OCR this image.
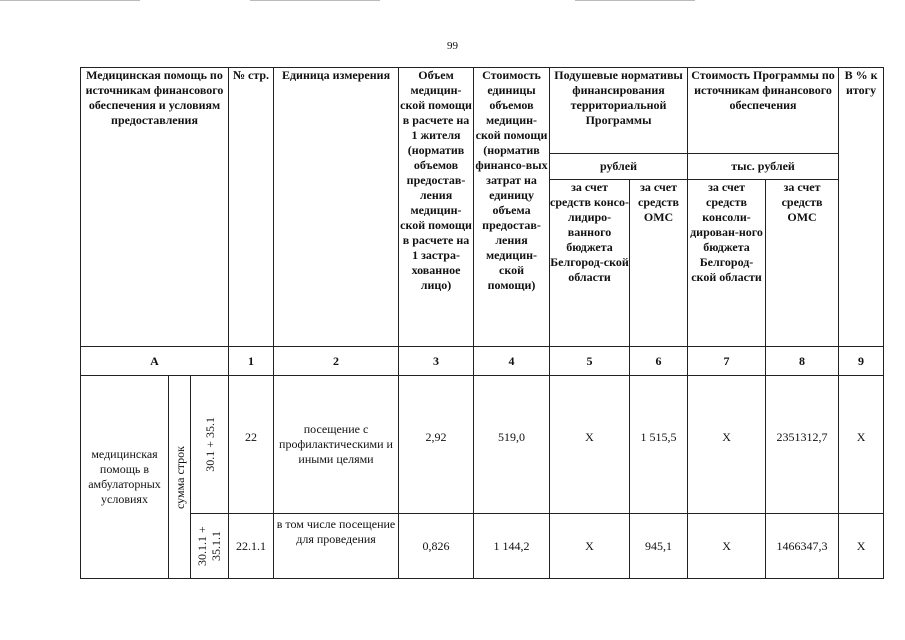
99
Медицинская помощь по источникам финансового обеспечения и условиям предоставления			№ стр.	Единица измерения	Объем медицин-ской помощи в расчете на 1 жителя (норматив объемов предостав-ления медицин-ской помощи в расчете на 1 застра-хованное лицо)	Стоимость единицы объемов медицин-ской помощи (норматив финансо-вых затрат на единицу объема предостав-ления медицин-ской помощи)	Подушевые нормативы финансирования территориальной Программы		Стоимость Программы по источникам финансового обеспечения		В % к итогу
							рублей		тыс. рублей		
							за счет средств консо-лидиро-ванного бюджета Белгород-ской области	за счет средств ОМС	за счет средств консоли-дирован-ного бюджета Белгород-ской области	за счет средств ОМС	
А			1	2	3	4	5	6	7	8	9
медицинская помощь в амбулаторных условиях	сумма строк	30.1 + 35.1	22	посещение с профилактическими и иными целями	2,92	519,0	Х	1 515,5	Х	2351312,7	Х

		30.1.1 + 35.1.1	22.1.1	в том числе посещение для проведения	0,826	1 144,2	Х	945,1	Х	1466347,3	Х
